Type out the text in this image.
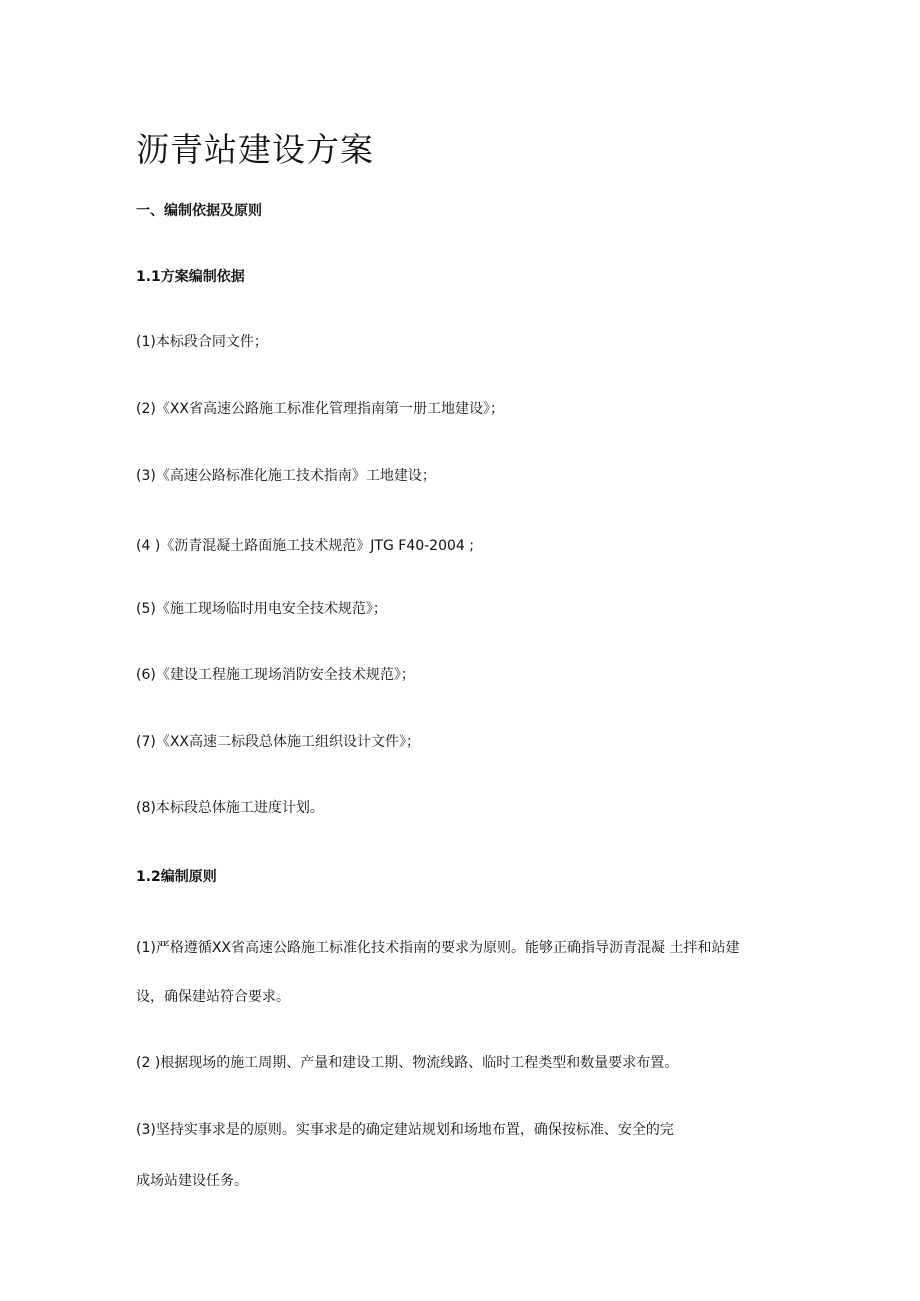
沥青站建设方案
一、编制依据及原则
1.1方案编制依据

(1)本标段合同文件；

(2)《XX省高速公路施工标准化管理指南第一册工地建设》；

(3)《高速公路标准化施工技术指南》工地建设；

(4 )《沥青混凝土路面施工技术规范》JTG F40-2004 ;

(5)《施工现场临时用电安全技术规范》；

(6)《建设工程施工现场消防安全技术规范》；

(7)《XX高速二标段总体施工组织设计文件》；

(8)本标段总体施工进度计划。

1.2编制原则

(1)严格遵循XX省高速公路施工标准化技术指南的要求为原则。能够正确指导沥青混凝 土拌和站建

设，确保建站符合要求。

(2 )根据现场的施工周期、产量和建设工期、物流线路、临时工程类型和数量要求布置。

(3)坚持实事求是的原则。实事求是的确定建站规划和场地布置，确保按标准、安全的完

成场站建设任务。
